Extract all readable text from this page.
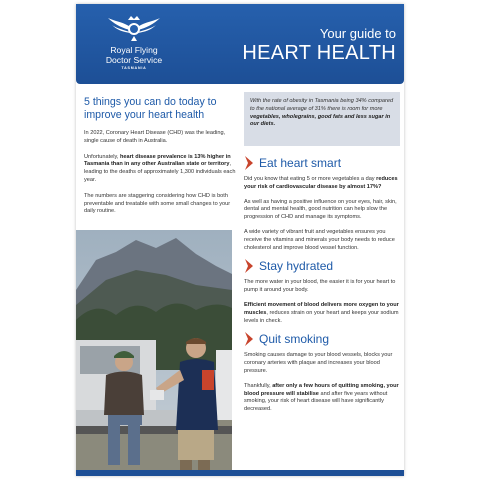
Royal Flying
Doctor Service
TASMANIA
Your guide to
HEART HEALTH
5 things you can do today to improve your heart health

In 2022, Coronary Heart Disease (CHD) was the leading, single cause of death in Australia.

Unfortunately, heart disease prevalence is 13% higher in Tasmania than in any other Australian state or territory, leading to the deaths of approximately 1,300 individuals each year.

The numbers are staggering considering how CHD is both preventable and treatable with some small changes to your daily routine.

With the rate of obesity in Tasmania being 34% compared to the national average of 31% there is room for more vegetables, wholegrains, good fats and less sugar in our diets.
Eat heart smart

Did you know that eating 5 or more vegetables a day reduces your risk of cardiovascular disease by almost 17%?

As well as having a positive influence on your eyes, hair, skin, dental and mental health, good nutrition can help slow the progression of CHD and manage its symptoms.

A wide variety of vibrant fruit and vegetables ensures you receive the vitamins and minerals your body needs to reduce cholesterol and improve blood vessel function.

Stay hydrated

The more water in your blood, the easier it is for your heart to pump it around your body.

Efficient movement of blood delivers more oxygen to your muscles, reduces strain on your heart and keeps your sodium levels in check.

Quit smoking

Smoking causes damage to your blood vessels, blocks your coronary arteries with plaque and increases your blood pressure.

Thankfully, after only a few hours of quitting smoking, your blood pressure will stabilise and after five years without smoking, your risk of heart disease will have significantly decreased.
